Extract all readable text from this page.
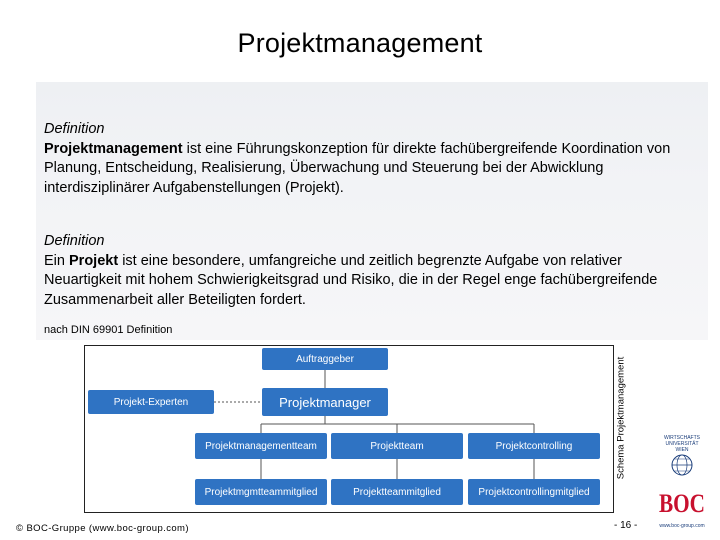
Projektmanagement
Definition
Projektmanagement ist eine Führungskonzeption für direkte fachübergreifende Koordination von Planung, Entscheidung, Realisierung, Überwachung und Steuerung bei der Abwicklung interdisziplinärer Aufgabenstellungen (Projekt).
Definition
Ein Projekt ist eine besondere, umfangreiche und zeitlich begrenzte Aufgabe von relativer Neuartigkeit mit hohem Schwierigkeitsgrad und Risiko, die in der Regel enge fachübergreifende Zusammenarbeit aller Beteiligten fordert.
nach DIN 69901 Definition
Auftraggeber
Projekt-Experten	Projektmanager
Projektmanagementteam	Projektteam	Projektcontrolling
Projektmgmtteammitglied	Projektteammitglied	Projektcontrollingmitglied
Schema Projektmanagement
© BOC-Gruppe (www.boc-group.com)	- 16 -
WIRTSCHAFTS
UNIVERSITÄT
WIEN
BOC
www.boc-group.com
